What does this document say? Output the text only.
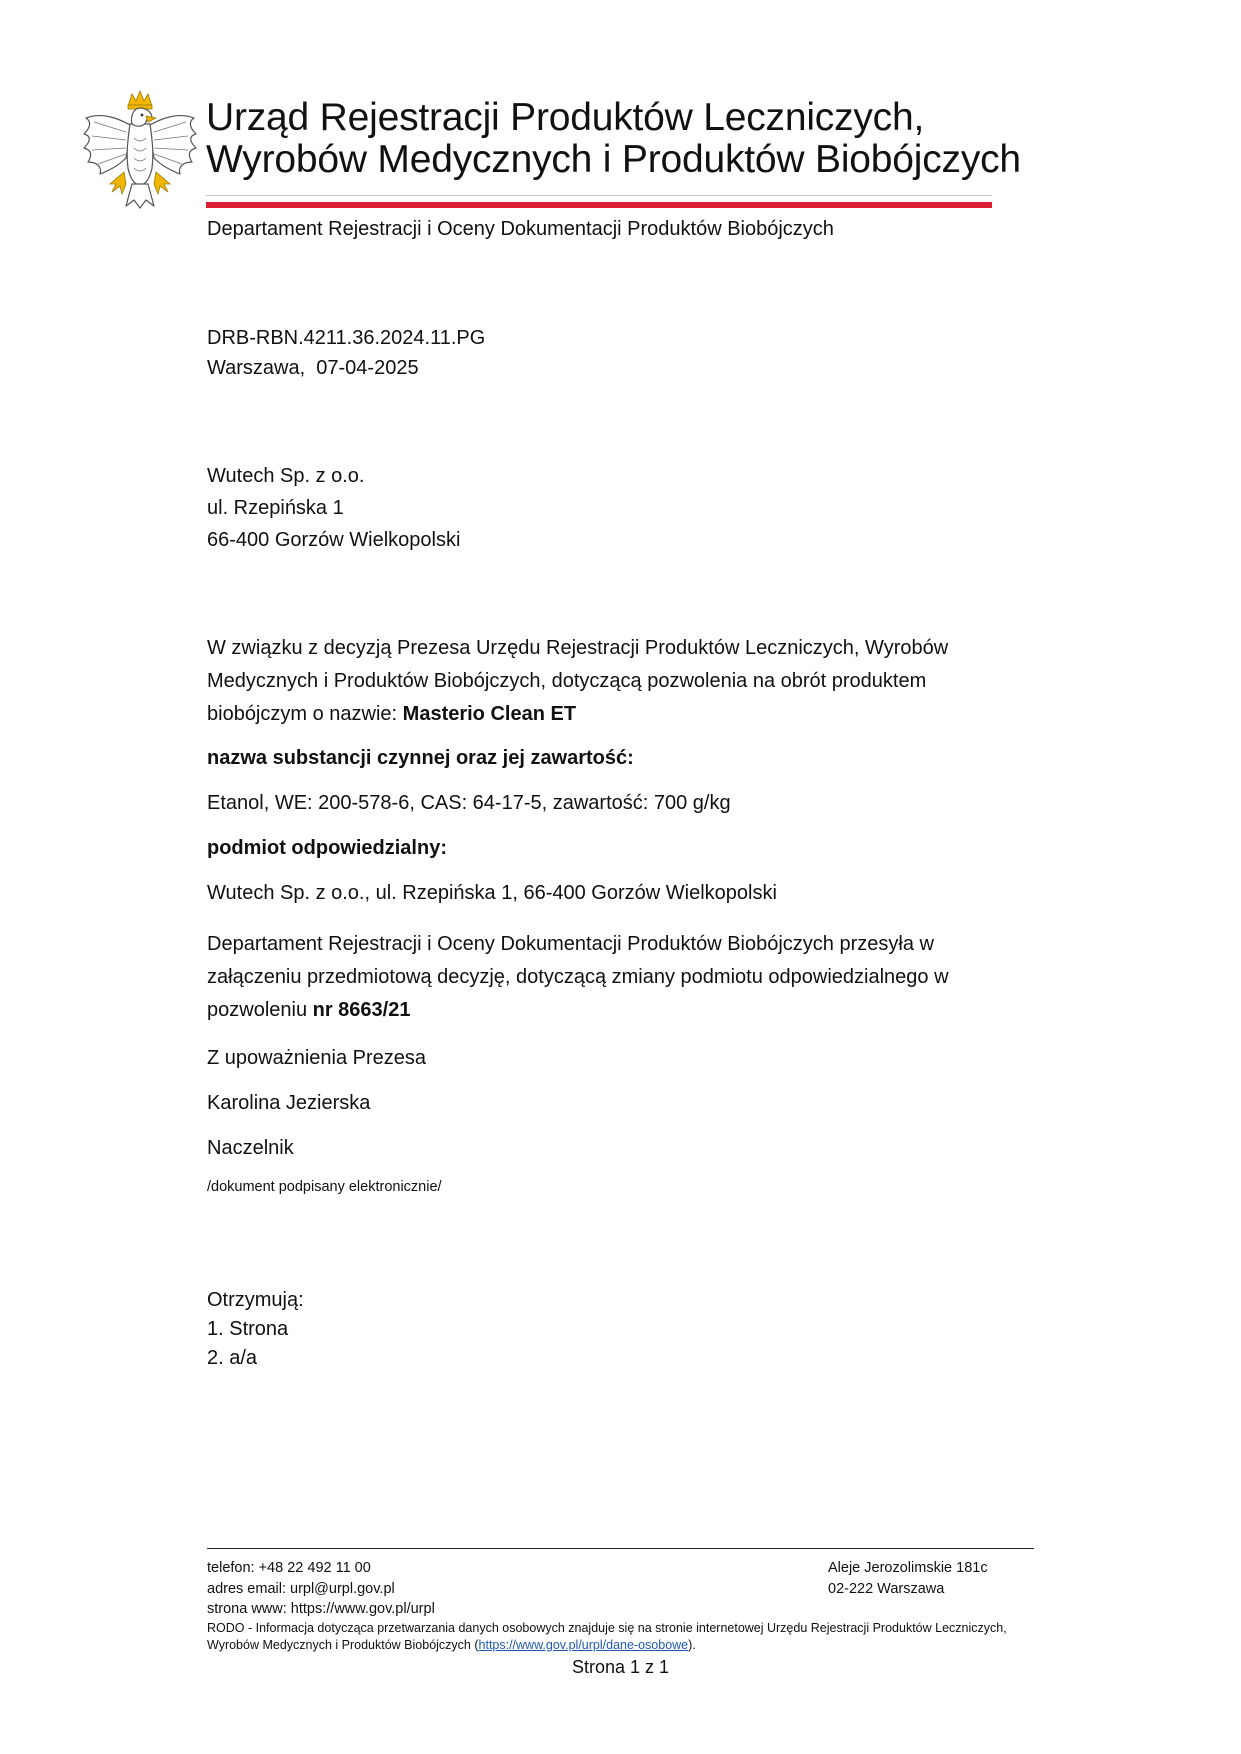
Urząd Rejestracji Produktów Leczniczych,
Wyrobów Medycznych i Produktów Biobójczych
Departament Rejestracji i Oceny Dokumentacji Produktów Biobójczych
DRB-RBN.4211.36.2024.11.PG
Warszawa,  07-04-2025
Wutech Sp. z o.o.
ul. Rzepińska 1
66-400 Gorzów Wielkopolski
W związku z decyzją Prezesa Urzędu Rejestracji Produktów Leczniczych, Wyrobów Medycznych i Produktów Biobójczych, dotyczącą pozwolenia na obrót produktem biobójczym o nazwie: Masterio Clean ET
nazwa substancji czynnej oraz jej zawartość:
Etanol, WE: 200-578-6, CAS: 64-17-5, zawartość: 700 g/kg
podmiot odpowiedzialny:
Wutech Sp. z o.o., ul. Rzepińska 1, 66-400 Gorzów Wielkopolski
Departament Rejestracji i Oceny Dokumentacji Produktów Biobójczych przesyła w załączeniu przedmiotową decyzję, dotyczącą zmiany podmiotu odpowiedzialnego w pozwoleniu nr 8663/21
Z upoważnienia Prezesa
Karolina Jezierska
Naczelnik
/dokument podpisany elektronicznie/
Otrzymują:
1. Strona
2. a/a
telefon: +48 22 492 11 00
adres email: urpl@urpl.gov.pl
strona www: https://www.gov.pl/urpl
Aleje Jerozolimskie 181c
02-222 Warszawa
RODO - Informacja dotycząca przetwarzania danych osobowych znajduje się na stronie internetowej Urzędu Rejestracji Produktów Leczniczych, Wyrobów Medycznych i Produktów Biobójczych (https://www.gov.pl/urpl/dane-osobowe).
Strona 1 z 1
